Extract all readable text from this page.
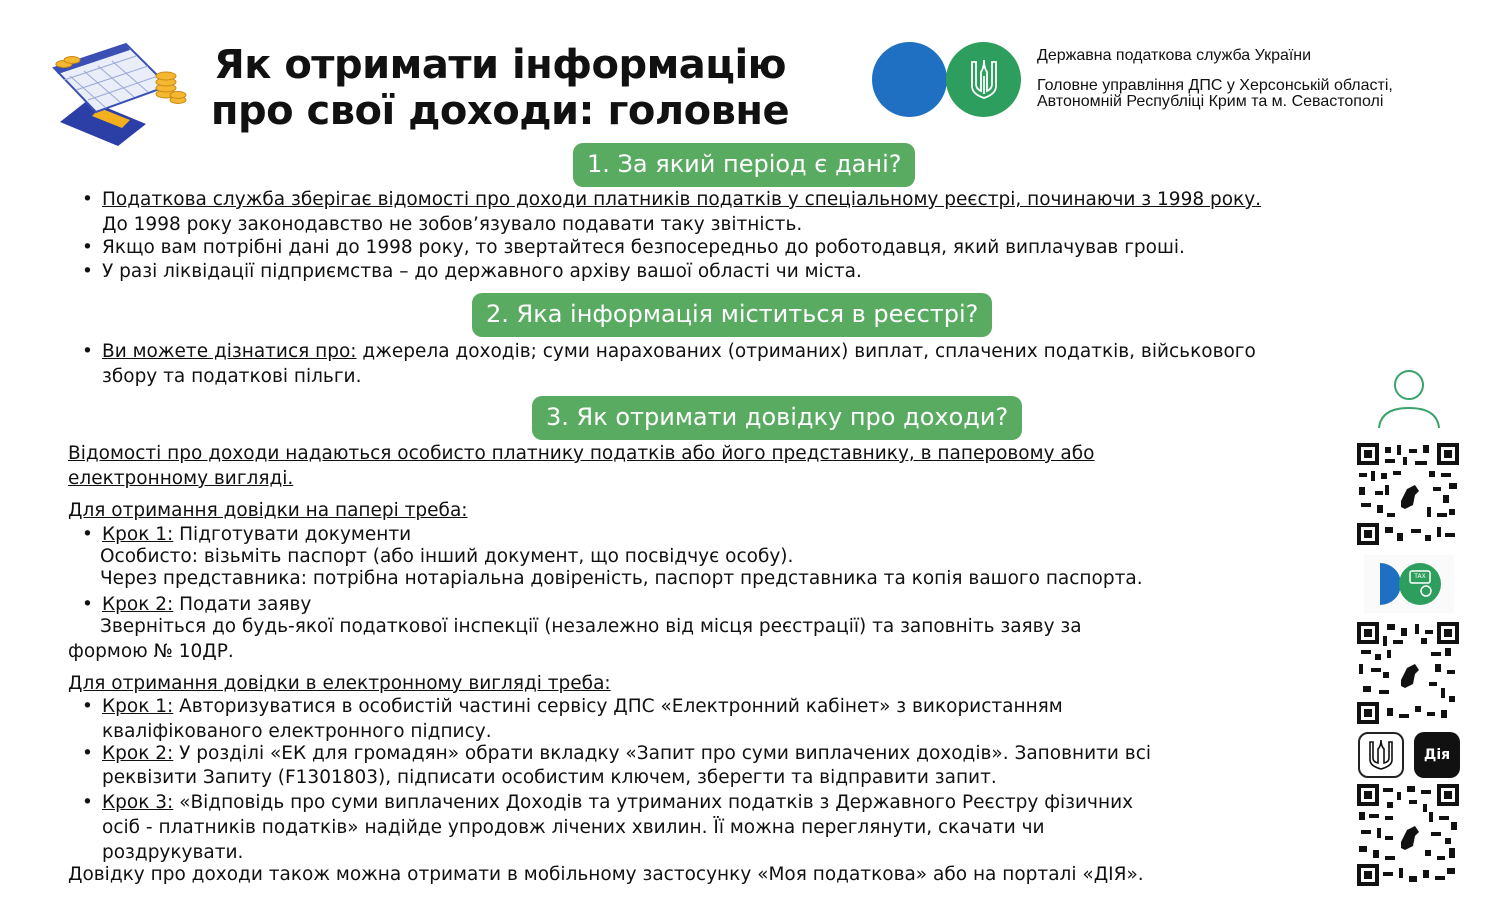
Як отримати інформацію
про свої доходи: головне
Державна податкова служба України
Головне управління ДПС у Херсонській області,
Автономній Республіці Крим та м. Севастополі
1. За який період є дані?
• Податкова служба зберігає відомості про доходи платників податків у спеціальному реєстрі, починаючи з 1998 року.
До 1998 року законодавство не зобов’язувало подавати таку звітність.
• Якщо вам потрібні дані до 1998 року, то звертайтеся безпосередньо до роботодавця, який виплачував гроші.
• У разі ліквідації підприємства – до державного архіву вашої області чи міста.
2. Яка інформація міститься в реєстрі?
• Ви можете дізнатися про: джерела доходів; суми нарахованих (отриманих) виплат, сплачених податків, військового
збору та податкові пільги.
3. Як отримати довідку про доходи?
Відомості про доходи надаються особисто платнику податків або його представнику, в паперовому або
електронному вигляді.
Для отримання довідки на папері треба:
• Крок 1: Підготувати документи
Особисто: візьміть паспорт (або інший документ, що посвідчує особу).
Через представника: потрібна нотаріальна довіреність, паспорт представника та копія вашого паспорта.
• Крок 2: Подати заяву
Зверніться до будь-якої податкової інспекції (незалежно від місця реєстрації) та заповніть заяву за
формою № 10ДР.
Для отримання довідки в електронному вигляді треба:
• Крок 1: Авторизуватися в особистій частині сервісу ДПС «Електронний кабінет» з використанням
кваліфікованого електронного підпису.
• Крок 2: У розділі «ЕК для громадян» обрати вкладку «Запит про суми виплачених доходів». Заповнити всі
реквізити Запиту (F1301803), підписати особистим ключем, зберегти та відправити запит.
• Крок 3: «Відповідь про суми виплачених Доходів та утриманих податків з Державного Реєстру фізичних
осіб - платників податків» надійде упродовж лічених хвилин. Її можна переглянути, скачати чи
роздрукувати.
Довідку про доходи також можна отримати в мобільному застосунку «Моя податкова» або на порталі «ДІЯ».
TAX
Дія
